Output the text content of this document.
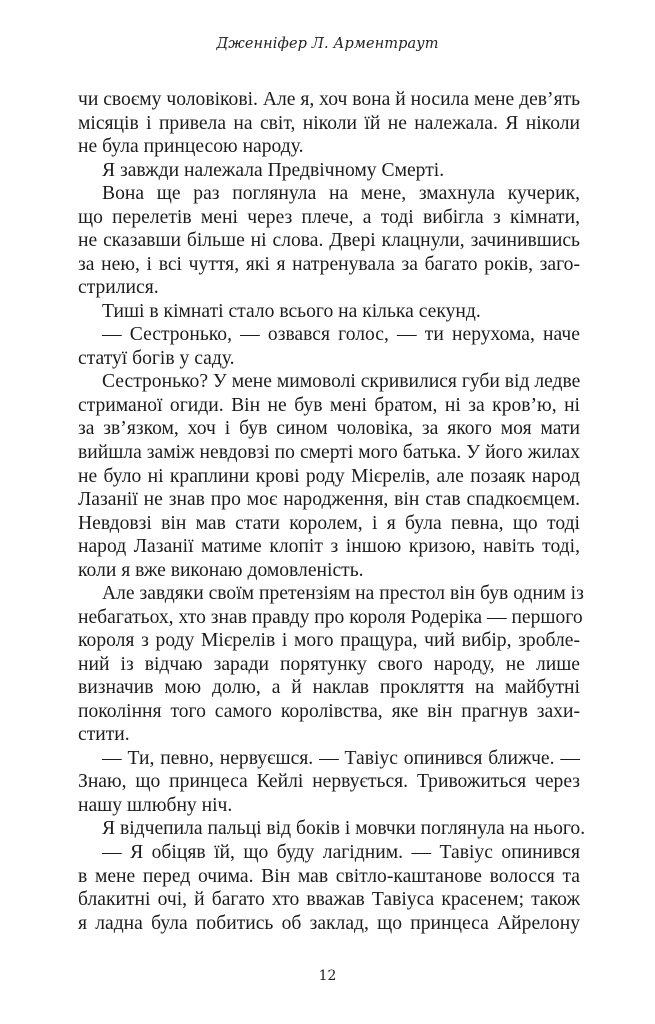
Дженніфер Л. Арментраут
чи своєму чоловікові. Але я, хоч вона й носила мене дев’ять
місяців і привела на світ, ніколи їй не належала. Я ніколи
не була принцесою народу.
Я завжди належала Предвічному Смерті.
Вона ще раз поглянула на мене, змахнула кучерик,
що перелетів мені через плече, а тоді вибігла з кімнати,
не сказавши більше ні слова. Двері клацнули, зачинившись
за нею, і всі чуття, які я натренувала за багато років, заго-
стрилися.
Тиші в кімнаті стало всього на кілька секунд.
— Сестронько, — озвався голос, — ти нерухома, наче
статуї богів у саду.
Сестронько? У мене мимоволі скривилися губи від ледве
стриманої огиди. Він не був мені братом, ні за кров’ю, ні
за зв’язком, хоч і був сином чоловіка, за якого моя мати
вийшла заміж невдовзі по смерті мого батька. У його жилах
не було ні краплини крові роду Мієрелів, але позаяк народ
Лазанії не знав про моє народження, він став спадкоємцем.
Невдовзі він мав стати королем, і я була певна, що тоді
народ Лазанії матиме клопіт з іншою кризою, навіть тоді,
коли я вже виконаю домовленість.
Але завдяки своїм претензіям на престол він був одним із
небагатьох, хто знав правду про короля Родеріка — першого
короля з роду Мієрелів і мого пращура, чий вибір, зробле-
ний із відчаю заради порятунку свого народу, не лише
визначив мою долю, а й наклав прокляття на майбутні
покоління того самого королівства, яке він прагнув захи-
стити.
— Ти, певно, нервуєшся. — Тавіус опинився ближче. —
Знаю, що принцеса Кейлі нервується. Тривожиться через
нашу шлюбну ніч.
Я відчепила пальці від боків і мовчки поглянула на нього.
— Я обіцяв їй, що буду лагідним. — Тавіус опинився
в мене перед очима. Він мав світло-каштанове волосся та
блакитні очі, й багато хто вважав Тавіуса красенем; також
я ладна була побитись об заклад, що принцеса Айрелону
12
